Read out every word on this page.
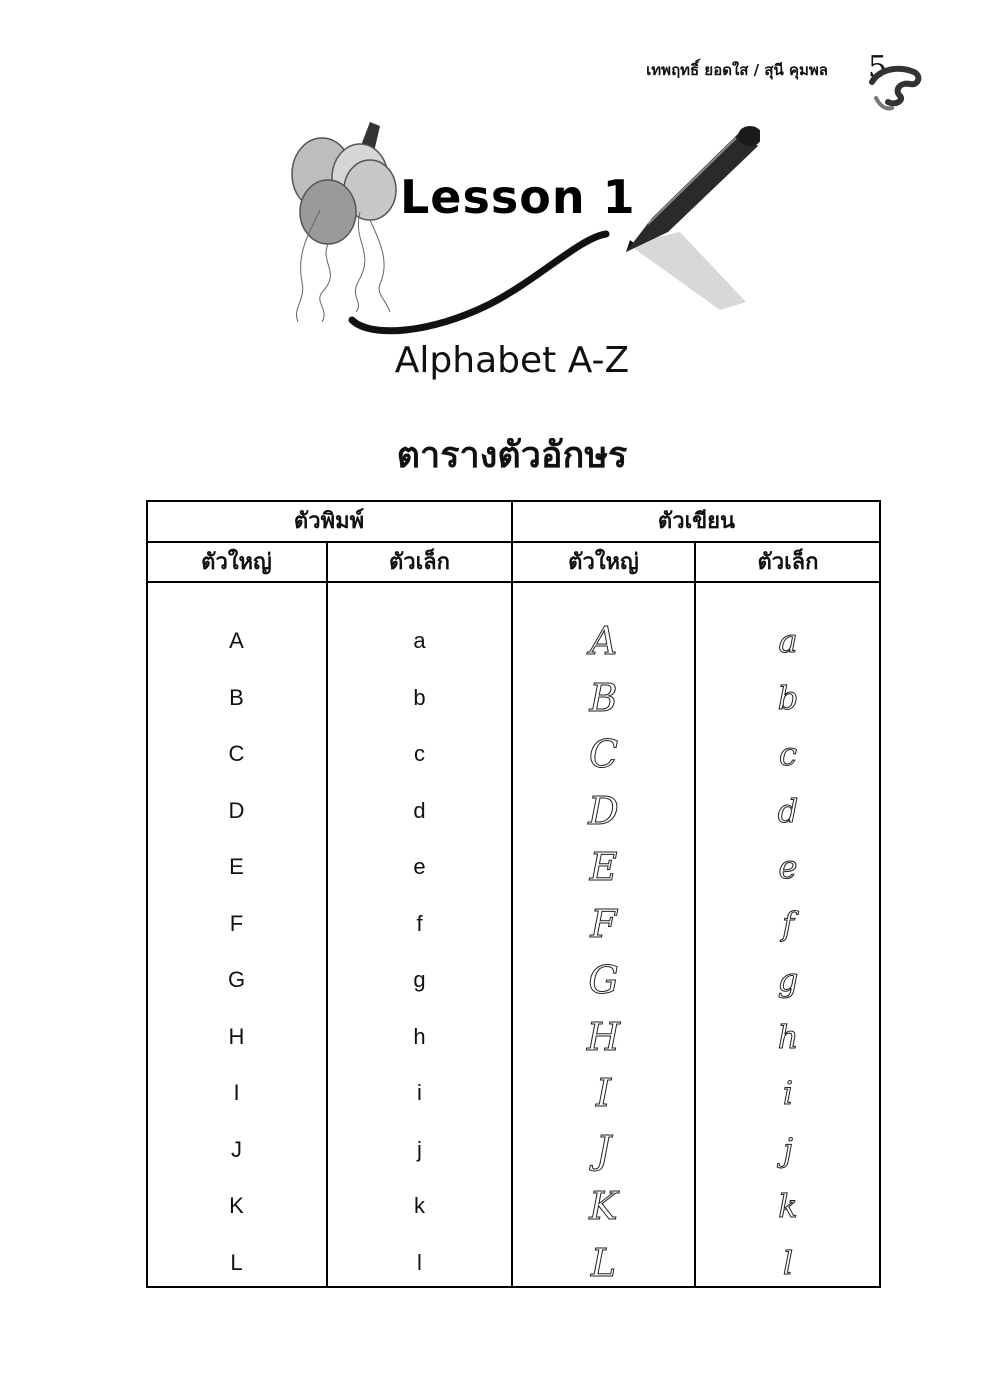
เทพฤทธิ์ ยอดใส / สุนี คุมพล 5
Lesson 1
Alphabet A-Z
ตารางตัวอักษร
ตัวพิมพ์	ตัวเขียน
ตัวใหญ่	ตัวเล็ก	ตัวใหญ่	ตัวเล็ก
A	a	A	a
B	b	B	b
C	c	C	c
D	d	D	d
E	e	E	e
F	f	F	f
G	g	G	g
H	h	H	h
I	i	I	i
J	j	J	j
K	k	K	k
L	l	L	l
